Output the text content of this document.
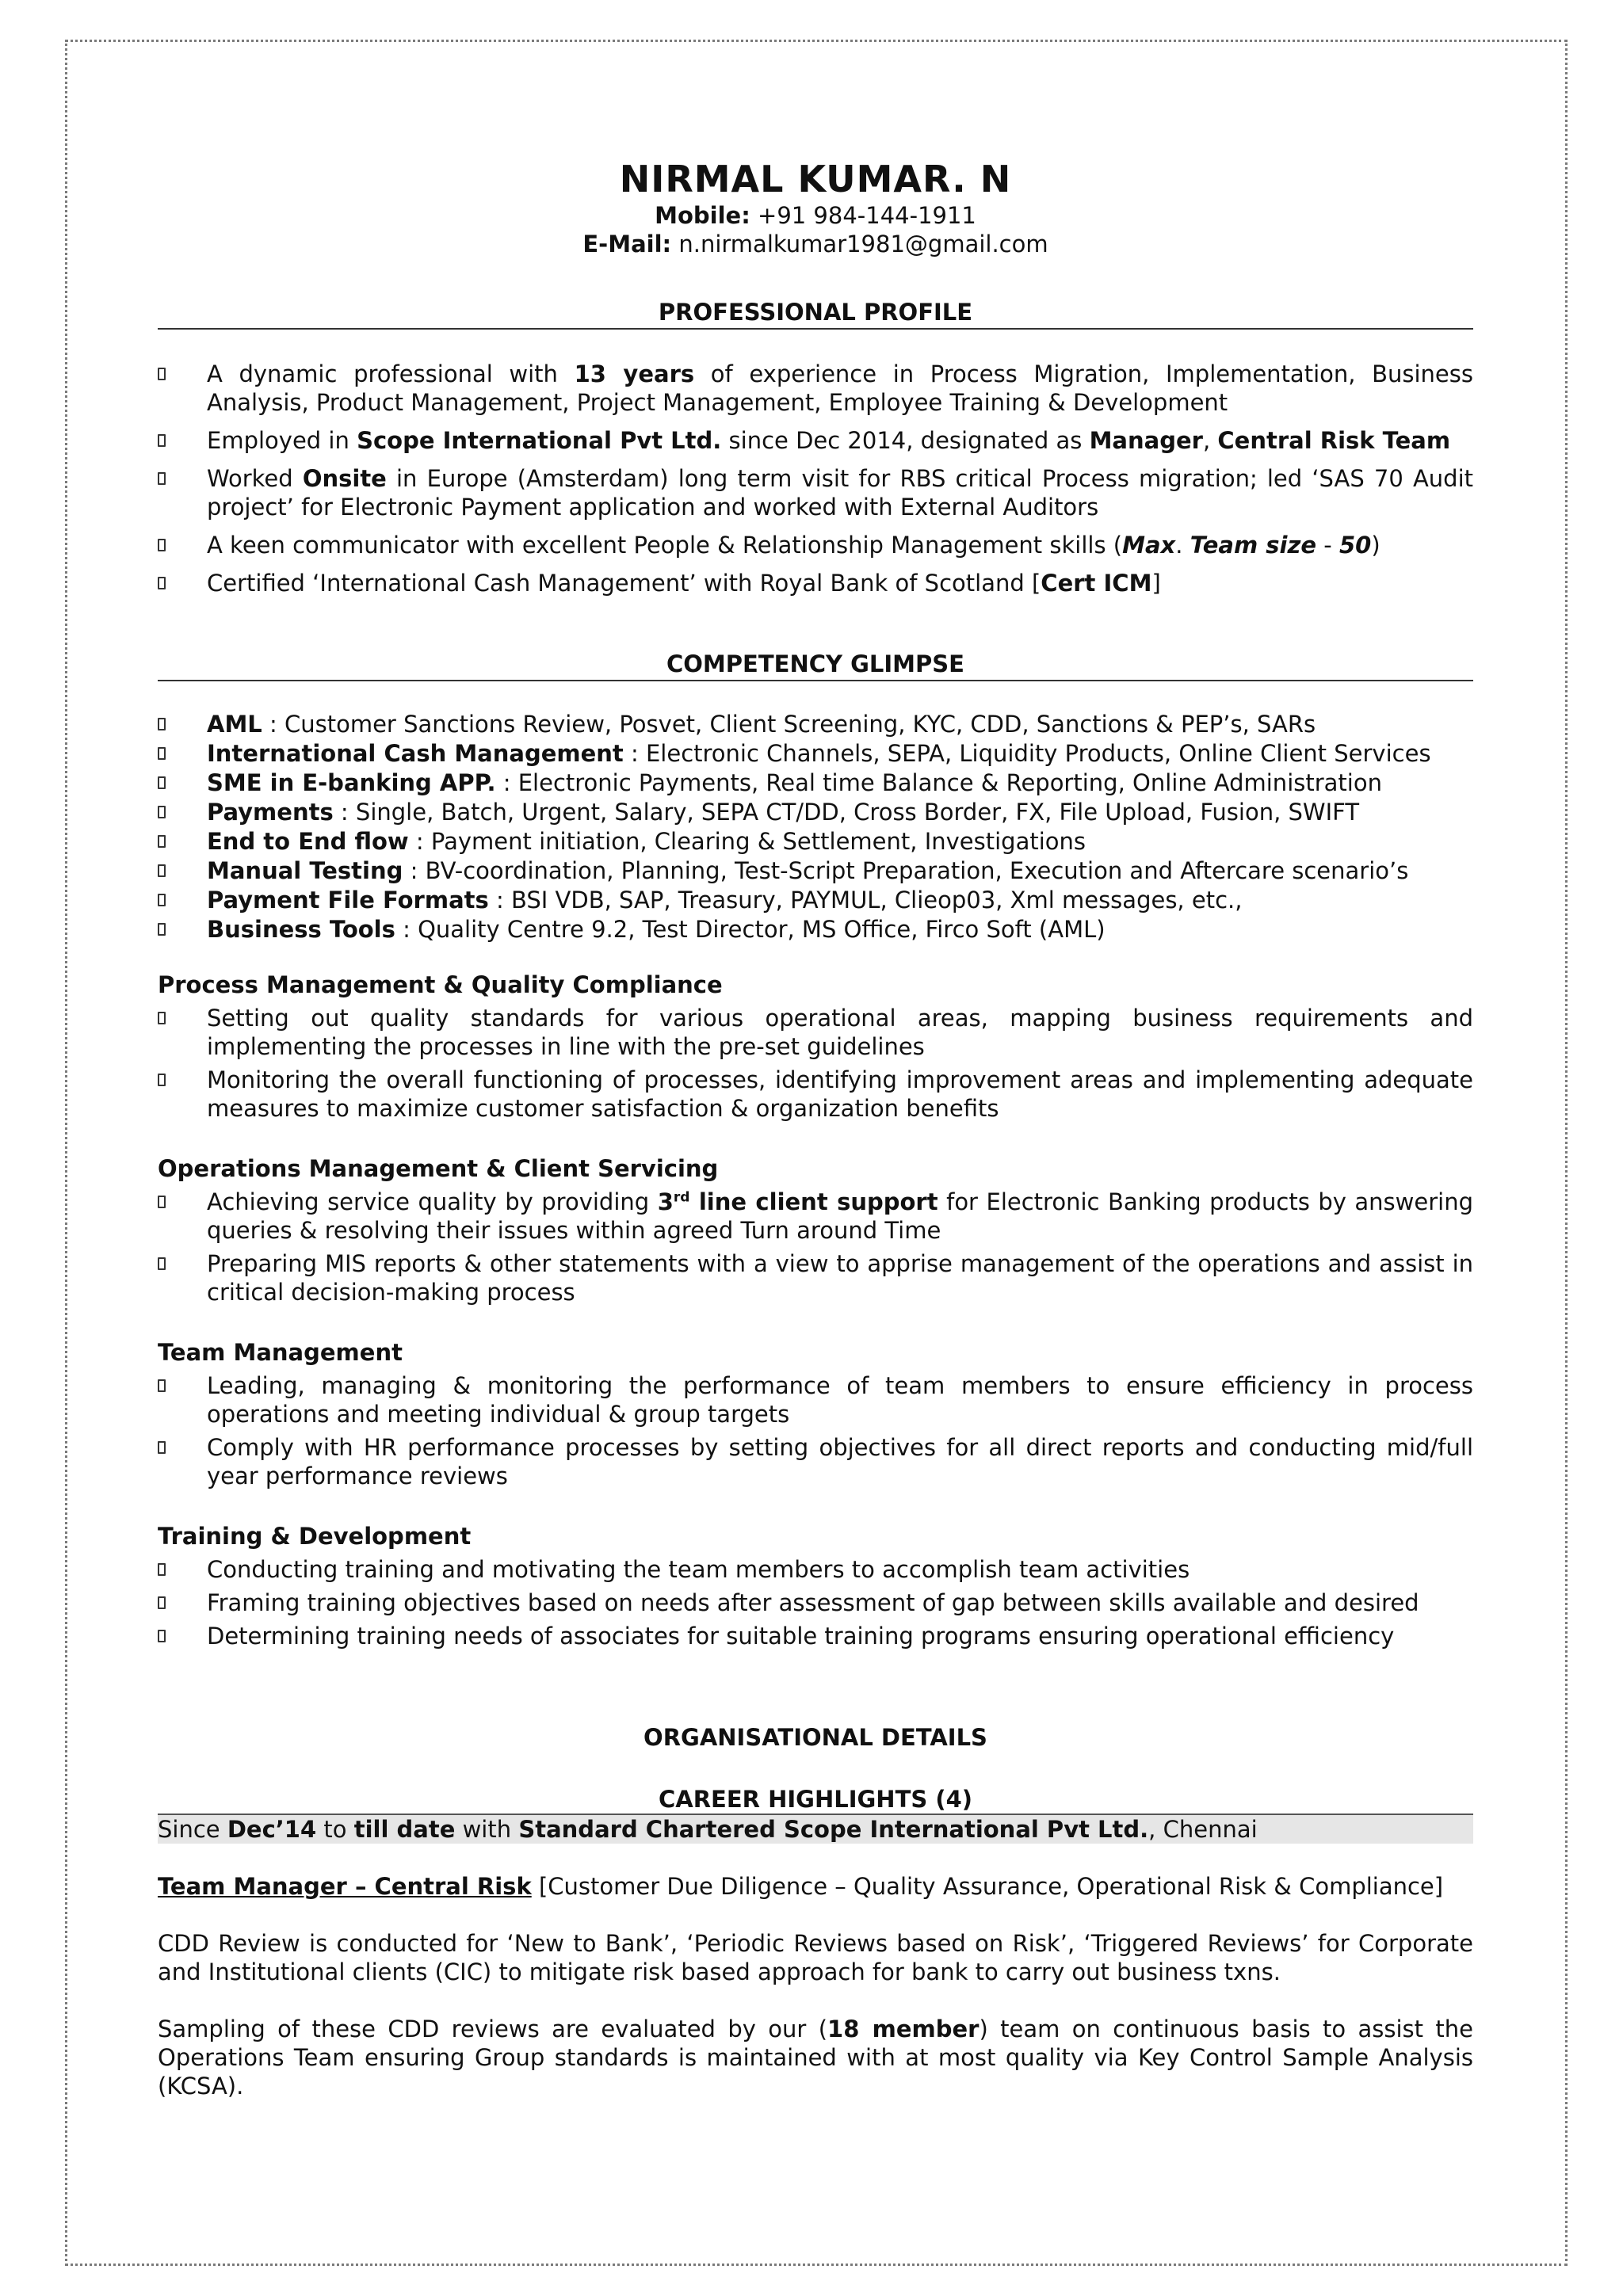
NIRMAL KUMAR. N
Mobile: +91 984-144-1911
E-Mail: n.nirmalkumar1981@gmail.com
PROFESSIONAL PROFILE
A dynamic professional with 13 years of experience in Process Migration, Implementation, Business Analysis, Product Management, Project Management, Employee Training & Development
Employed in Scope International Pvt Ltd. since Dec 2014, designated as Manager, Central Risk Team
Worked Onsite in Europe (Amsterdam) long term visit for RBS critical Process migration; led ‘SAS 70 Audit project’ for Electronic Payment application and worked with External Auditors
A keen communicator with excellent People & Relationship Management skills (Max. Team size - 50)
Certified ‘International Cash Management’ with Royal Bank of Scotland [Cert ICM]
COMPETENCY GLIMPSE
AML : Customer Sanctions Review, Posvet, Client Screening, KYC, CDD, Sanctions & PEP’s, SARs
International Cash Management : Electronic Channels, SEPA, Liquidity Products, Online Client Services
SME in E-banking APP. : Electronic Payments, Real time Balance & Reporting, Online Administration
Payments : Single, Batch, Urgent, Salary, SEPA CT/DD, Cross Border, FX, File Upload, Fusion, SWIFT
End to End flow : Payment initiation, Clearing & Settlement, Investigations
Manual Testing : BV-coordination, Planning, Test-Script Preparation, Execution and Aftercare scenario’s
Payment File Formats : BSI VDB, SAP, Treasury, PAYMUL, Clieop03, Xml messages, etc.,
Business Tools : Quality Centre 9.2, Test Director, MS Office, Firco Soft (AML)
Process Management & Quality Compliance
Setting out quality standards for various operational areas, mapping business requirements and implementing the processes in line with the pre-set guidelines
Monitoring the overall functioning of processes, identifying improvement areas and implementing adequate measures to maximize customer satisfaction & organization benefits
Operations Management & Client Servicing
Achieving service quality by providing 3rd line client support for Electronic Banking products by answering queries & resolving their issues within agreed Turn around Time
Preparing MIS reports & other statements with a view to apprise management of the operations and assist in critical decision-making process
Team Management
Leading, managing & monitoring the performance of team members to ensure efficiency in process operations and meeting individual & group targets
Comply with HR performance processes by setting objectives for all direct reports and conducting mid/full year performance reviews
Training & Development
Conducting training and motivating the team members to accomplish team activities
Framing training objectives based on needs after assessment of gap between skills available and desired
Determining training needs of associates for suitable training programs ensuring operational efficiency
ORGANISATIONAL DETAILS
CAREER HIGHLIGHTS (4)
Since Dec’14 to till date with Standard Chartered Scope International Pvt Ltd., Chennai
Team Manager – Central Risk [Customer Due Diligence – Quality Assurance, Operational Risk & Compliance]

CDD Review is conducted for ‘New to Bank’, ‘Periodic Reviews based on Risk’, ‘Triggered Reviews’ for Corporate and Institutional clients (CIC) to mitigate risk based approach for bank to carry out business txns.

Sampling of these CDD reviews are evaluated by our (18 member) team on continuous basis to assist the Operations Team ensuring Group standards is maintained with at most quality via Key Control Sample Analysis (KCSA).
